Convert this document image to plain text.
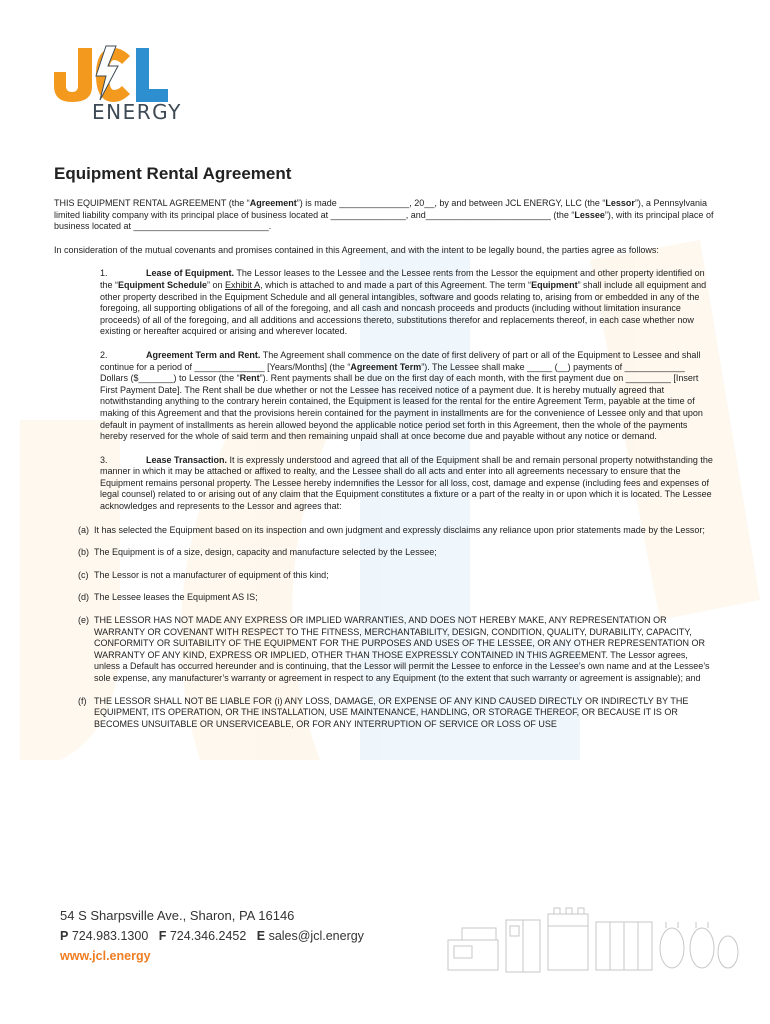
ENERGY
Equipment Rental Agreement

THIS EQUIPMENT RENTAL AGREEMENT (the “Agreement”) is made ______________, 20__, by and between JCL ENERGY, LLC (the “Lessor”), a Pennsylvania limited liability company with its principal place of business located at _______________, and_________________________ (the “Lessee”), with its principal place of business located at ___________________________.

In consideration of the mutual covenants and promises contained in this Agreement, and with the intent to be legally bound, the parties agree as follows:

1.	Lease of Equipment. The Lessor leases to the Lessee and the Lessee rents from the Lessor the equipment and other property identified on the “Equipment Schedule” on Exhibit A, which is attached to and made a part of this Agreement. The term “Equipment” shall include all equipment and other property described in the Equipment Schedule and all general intangibles, software and goods relating to, arising from or embedded in any of the foregoing, all supporting obligations of all of the foregoing, and all cash and noncash proceeds and products (including without limitation insurance proceeds) of all of the foregoing, and all additions and accessions thereto, substitutions therefor and replacements thereof, in each case whether now existing or hereafter acquired or arising and wherever located.

2.	Agreement Term and Rent. The Agreement shall commence on the date of first delivery of part or all of the Equipment to Lessee and shall continue for a period of ______________ [Years/Months] (the “Agreement Term”). The Lessee shall make _____ (__) payments of ____________ Dollars ($_______) to Lessor (the “Rent”). Rent payments shall be due on the first day of each month, with the first payment due on _________ [Insert First Payment Date]. The Rent shall be due whether or not the Lessee has received notice of a payment due. It is hereby mutually agreed that notwithstanding anything to the contrary herein contained, the Equipment is leased for the rental for the entire Agreement Term, payable at the time of making of this Agreement and that the provisions herein contained for the payment in installments are for the convenience of Lessee only and that upon default in payment of installments as herein allowed beyond the applicable notice period set forth in this Agreement, then the whole of the payments hereby reserved for the whole of said term and then remaining unpaid shall at once become due and payable without any notice or demand.

3.	Lease Transaction. It is expressly understood and agreed that all of the Equipment shall be and remain personal property notwithstanding the manner in which it may be attached or affixed to realty, and the Lessee shall do all acts and enter into all agreements necessary to ensure that the Equipment remains personal property. The Lessee hereby indemnifies the Lessor for all loss, cost, damage and expense (including fees and expenses of legal counsel) related to or arising out of any claim that the Equipment constitutes a fixture or a part of the realty in or upon which it is located. The Lessee acknowledges and represents to the Lessor and agrees that:

(a) It has selected the Equipment based on its inspection and own judgment and expressly disclaims any reliance upon prior statements made by the Lessor;

(b) The Equipment is of a size, design, capacity and manufacture selected by the Lessee;

(c) The Lessor is not a manufacturer of equipment of this kind;

(d) The Lessee leases the Equipment AS IS;

(e) THE LESSOR HAS NOT MADE ANY EXPRESS OR IMPLIED WARRANTIES, AND DOES NOT HEREBY MAKE, ANY REPRESENTATION OR WARRANTY OR COVENANT WITH RESPECT TO THE FITNESS, MERCHANTABILITY, DESIGN, CONDITION, QUALITY, DURABILITY, CAPACITY, CONFORMITY OR SUITABILITY OF THE EQUIPMENT FOR THE PURPOSES AND USES OF THE LESSEE, OR ANY OTHER REPRESENTATION OR WARRANTY OF ANY KIND, EXPRESS OR IMPLIED, OTHER THAN THOSE EXPRESSLY CONTAINED IN THIS AGREEMENT. The Lessor agrees, unless a Default has occurred hereunder and is continuing, that the Lessor will permit the Lessee to enforce in the Lessee’s own name and at the Lessee’s sole expense, any manufacturer’s warranty or agreement in respect to any Equipment (to the extent that such warranty or agreement is assignable); and

(f) THE LESSOR SHALL NOT BE LIABLE FOR (i) ANY LOSS, DAMAGE, OR EXPENSE OF ANY KIND CAUSED DIRECTLY OR INDIRECTLY BY THE EQUIPMENT, ITS OPERATION, OR THE INSTALLATION, USE MAINTENANCE, HANDLING, OR STORAGE THEREOF, OR BECAUSE IT IS OR BECOMES UNSUITABLE OR UNSERVICEABLE, OR FOR ANY INTERRUPTION OF SERVICE OR LOSS OF USE

54 S Sharpsville Ave., Sharon, PA 16146
P 724.983.1300 F 724.346.2452 E sales@jcl.energy
www.jcl.energy
